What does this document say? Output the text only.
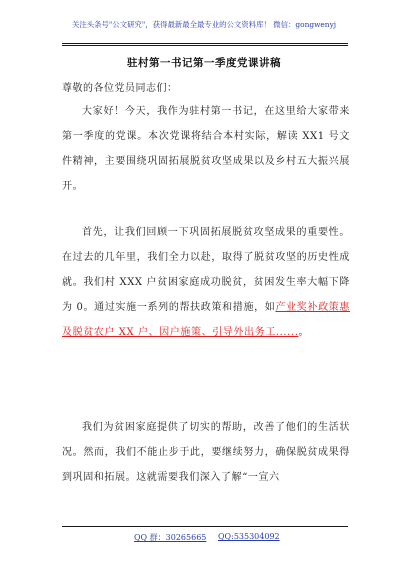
关注头条号"公文研究"，获得最新最全最专业的公文资料库！ 微信：gongwenyj
驻村第一书记第一季度党课讲稿
尊敬的各位党员同志们：
大家好！今天，我作为驻村第一书记，在这里给大家带来第一季度的党课。本次党课将结合本村实际，解读 XX1 号文件精神，主要围绕巩固拓展脱贫攻坚成果以及乡村五大振兴展开。
首先，让我们回顾一下巩固拓展脱贫攻坚成果的重要性。在过去的几年里，我们全力以赴，取得了脱贫攻坚的历史性成就。我们村 XXX 户贫困家庭成功脱贫，贫困发生率大幅下降为 0。通过实施一系列的帮扶政策和措施，如产业奖补政策惠及脱贫农户 XX 户、因户施策、引导外出务工......。
我们为贫困家庭提供了切实的帮助，改善了他们的生活状况。然而，我们不能止步于此，要继续努力，确保脱贫成果得到巩固和拓展。这就需要我们深入了解“一宣六
QQ 群：30265665 QQ:535304092
